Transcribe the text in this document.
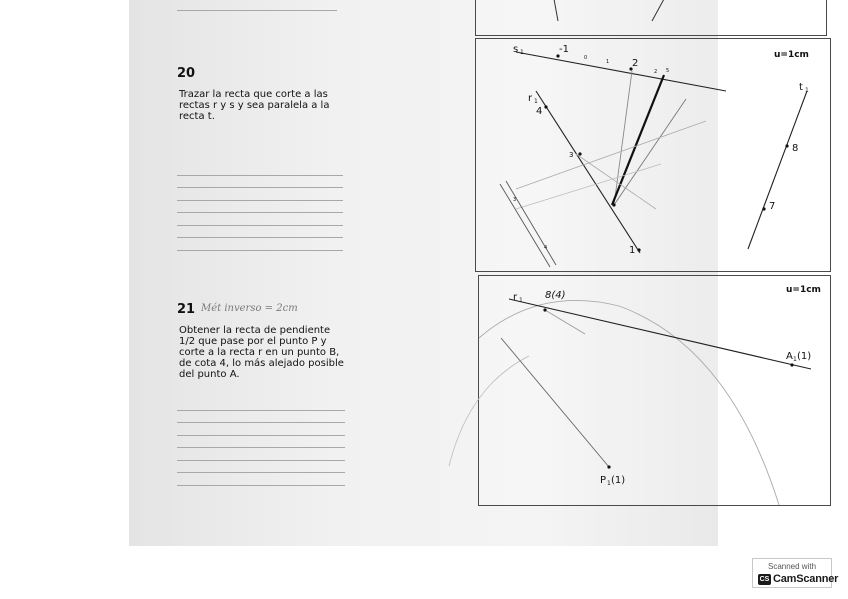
20
Trazar la recta que corte a las
rectas r y s y sea paralela a la
recta t.
u=1cm
s 1
r 1
t 1
-1
2
4
3
1
8
7
0
1
2
3
4
5
21 Mét inverso = 2cm
Obtener la recta de pendiente
1/2 que pase por el punto P y
corte a la recta r en un punto B,
de cota 4, lo más alejado posible
del punto A.
u=1cm
r 1 8(4)
A 1 (1)
P 1 (1)
Scanned with
CS CamScanner
